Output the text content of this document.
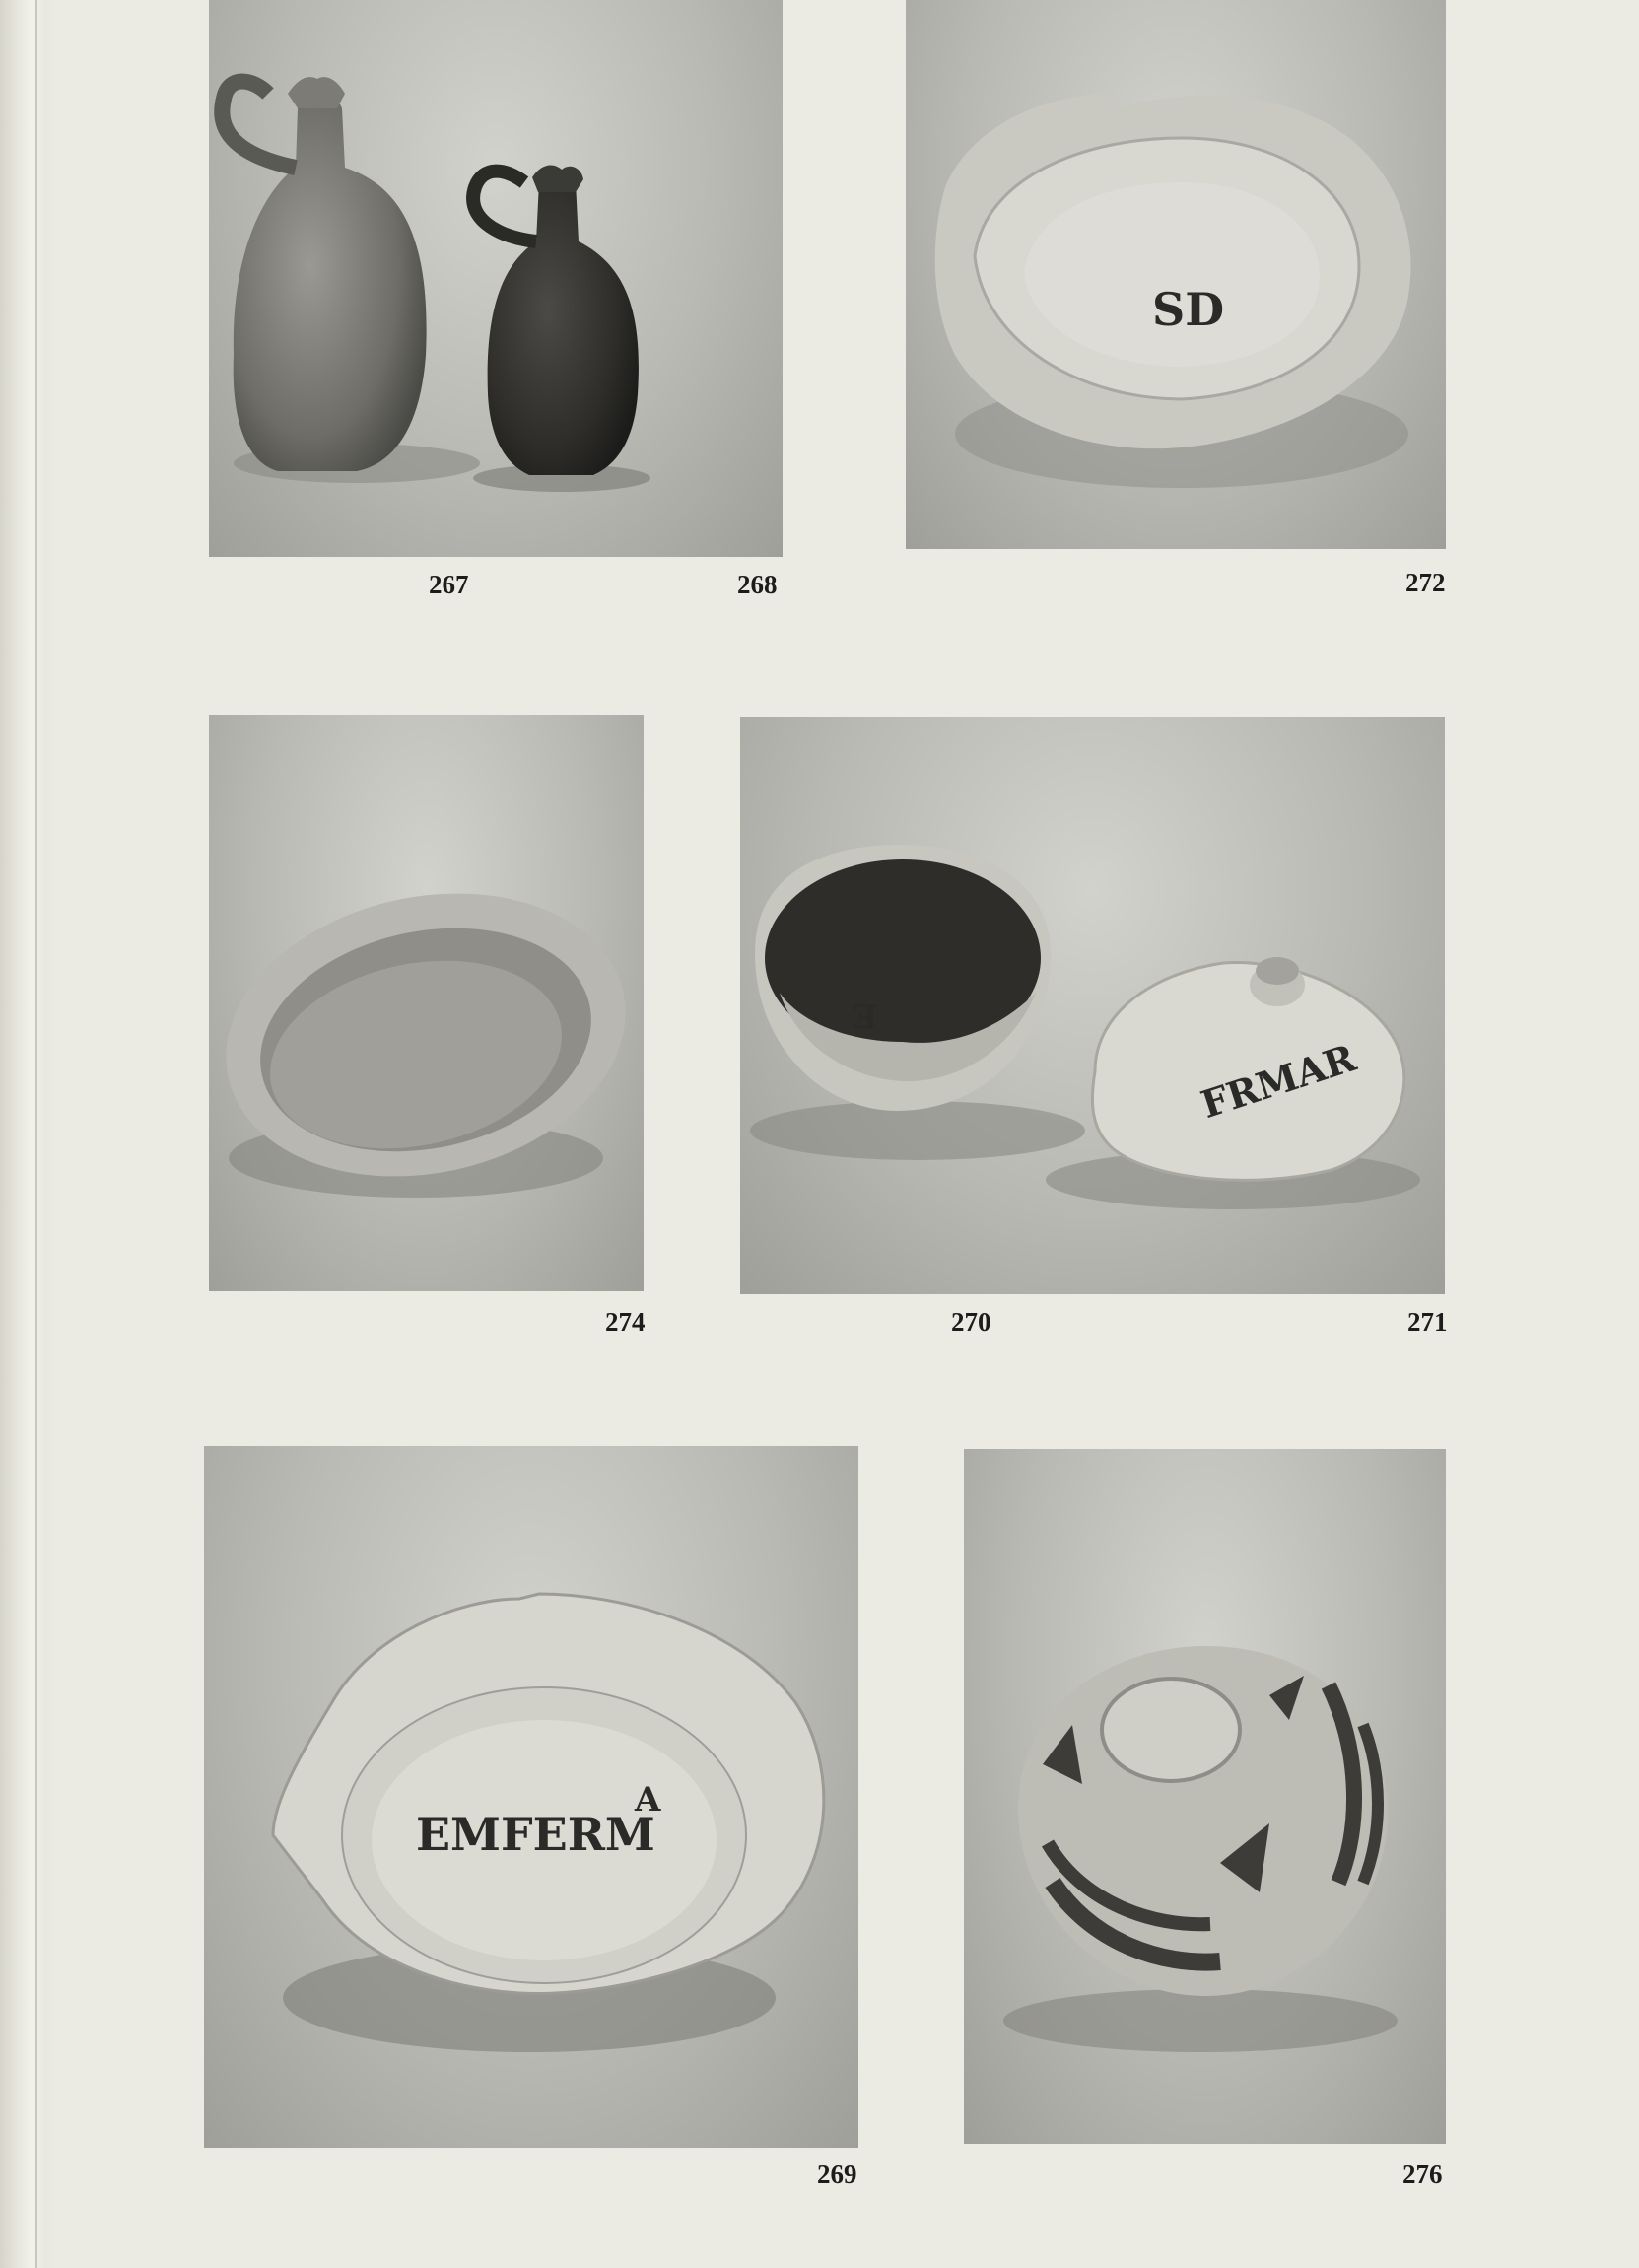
SD
267	268	272
E
FRMAR
274	270	271
EMFERM
A
269	276
